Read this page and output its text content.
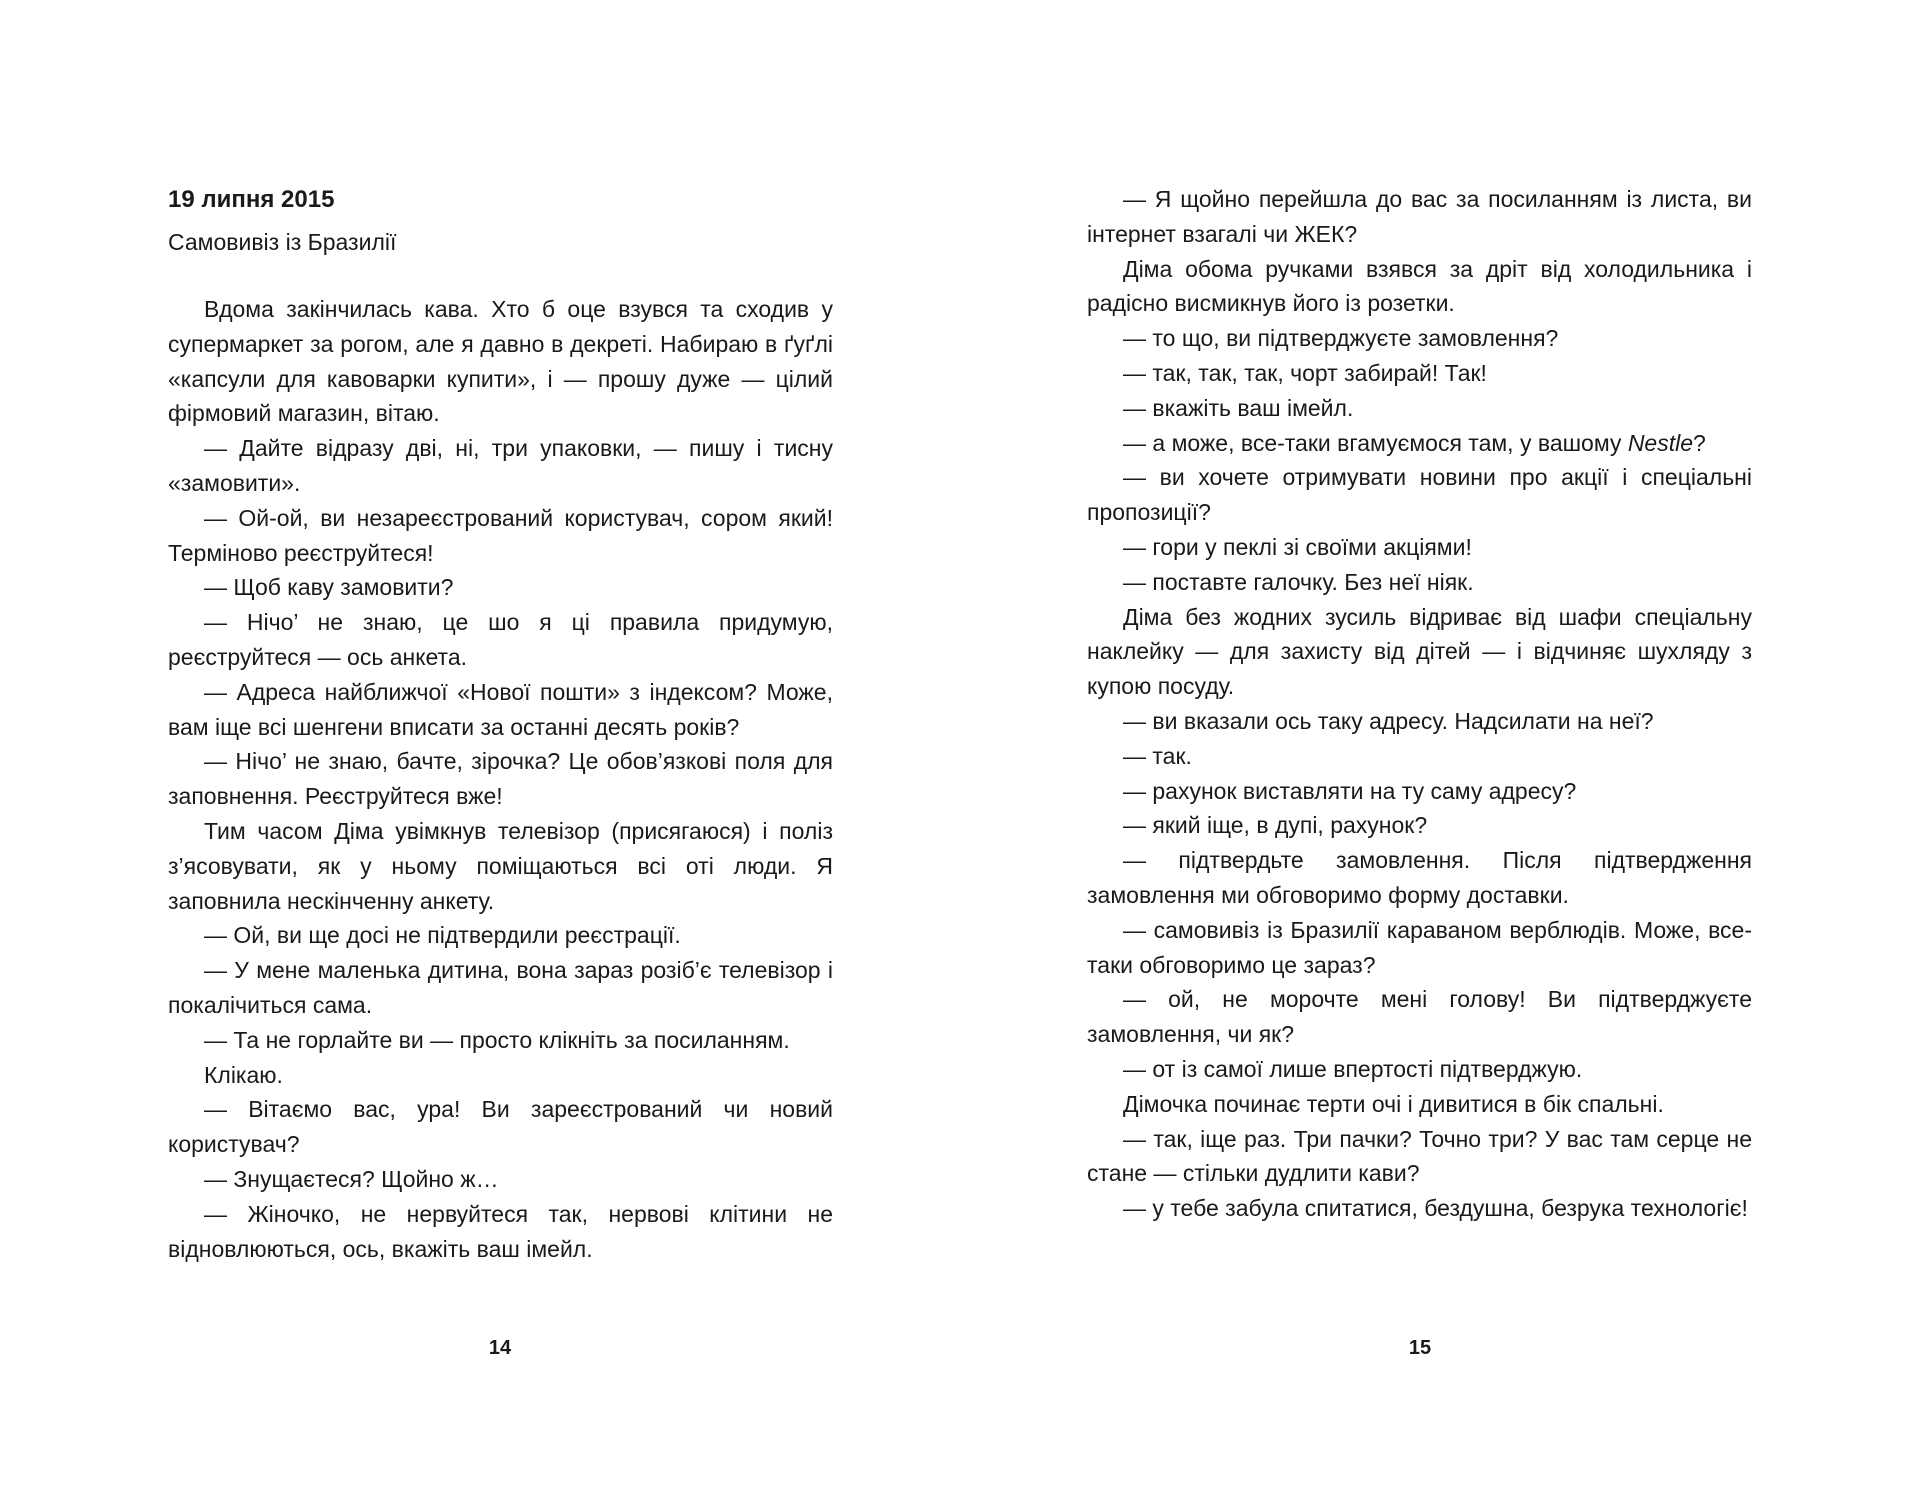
19 липня 2015
Самовивіз із Бразилії

Вдома закінчилась кава. Хто б оце взувся та сходив у супермаркет за рогом, але я давно в декреті. Набираю в ґуґлі «капсули для кавоварки купити», і — прошу дуже — цілий фірмовий магазин, вітаю.

— Дайте відразу дві, ні, три упаковки, — пишу і тисну «замовити».

— Ой-ой, ви незареєстрований користувач, сором який! Терміново реєструйтеся!

— Щоб каву замовити?

— Нічо’ не знаю, це шо я ці правила придумую, реєструйтеся — ось анкета.

— Адреса найближчої «Нової пошти» з індексом? Може, вам іще всі шенгени вписати за останні десять років?

— Нічо’ не знаю, бачте, зірочка? Це обов’язкові поля для заповнення. Реєструйтеся вже!

Тим часом Діма увімкнув телевізор (присягаюся) і поліз з’ясовувати, як у ньому поміщаються всі оті люди. Я заповнила нескінченну анкету.

— Ой, ви ще досі не підтвердили реєстрації.

— У мене маленька дитина, вона зараз розіб’є телевізор і покалічиться сама.

— Та не горлайте ви — просто клікніть за посиланням.

Клікаю.

— Вітаємо вас, ура! Ви зареєстрований чи новий користувач?

— Знущаєтеся? Щойно ж…

— Жіночко, не нервуйтеся так, нервові клітини не відновлюються, ось, вкажіть ваш імейл.

14

— Я щойно перейшла до вас за посиланням із листа, ви інтернет взагалі чи ЖЕК?

Діма обома ручками взявся за дріт від холодильника і радісно висмикнув його із розетки.

— то що, ви підтверджуєте замовлення?

— так, так, так, чорт забирай! Так!

— вкажіть ваш імейл.

— а може, все-таки вгамуємося там, у вашому Nestle?

— ви хочете отримувати новини про акції і спеціальні пропозиції?

— гори у пеклі зі своїми акціями!

— поставте галочку. Без неї ніяк.

Діма без жодних зусиль відриває від шафи спеціальну наклейку — для захисту від дітей — і відчиняє шухляду з купою посуду.

— ви вказали ось таку адресу. Надсилати на неї?

— так.

— рахунок виставляти на ту саму адресу?

— який іще, в дупі, рахунок?

— підтвердьте замовлення. Після підтвердження замовлення ми обговоримо форму доставки.

— самовивіз із Бразилії караваном верблюдів. Може, все-таки обговоримо це зараз?

— ой, не морочте мені голову! Ви підтверджуєте замовлення, чи як?

— от із самої лише впертості підтверджую.

Дімочка починає терти очі і дивитися в бік спальні.

— так, іще раз. Три пачки? Точно три? У вас там серце не стане — стільки дудлити кави?

— у тебе забула спитатися, бездушна, безрука технологіє!

15
